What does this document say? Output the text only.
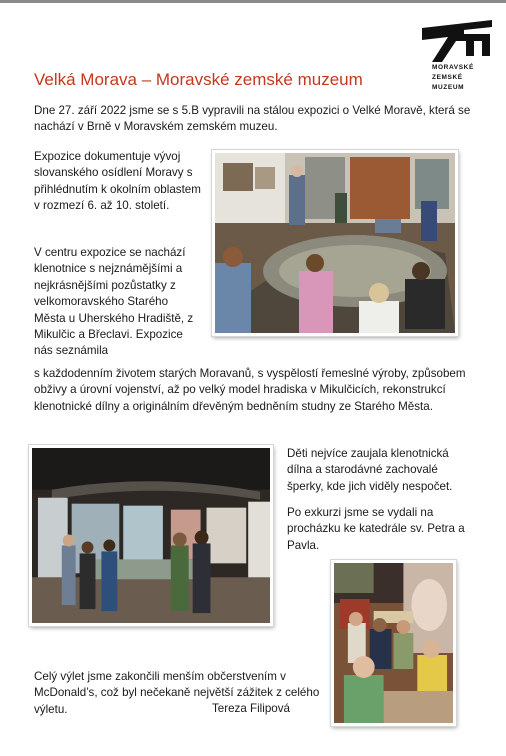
MORAVSKÉ
ZEMSKÉ
MUZEUM
Velká Morava – Moravské zemské muzeum

Dne 27. září 2022 jsme se s 5.B vypravili na stálou expozici o Velké Moravě, která se nachází v Brně v Moravském zemském muzeu.

Expozice dokumentuje vývoj slovanského osídlení Moravy s přihlédnutím k okolním oblastem v rozmezí 6. až 10. století.

V centru expozice se nachází klenotnice s nejznámějšími a nejkrásnějšími pozůstatky z velkomoravského Starého Města u Uherského Hradiště, z Mikulčic a Břeclavi. Expozice nás seznámila

s každodenním životem starých Moravanů, s vyspělostí řemeslné výroby, způsobem obživy a úrovní vojenství, až po velký model hradiska v Mikulčicích, rekonstrukcí klenotnické dílny a originálním dřevěným bedněním studny ze Starého Města.

Děti nejvíce zaujala klenotnická dílna a starodávné zachovalé šperky, kde jich viděly nespočet.

Po exkurzi jsme se vydali na procházku ke katedrále sv. Petra a Pavla.

Celý výlet jsme zakončili menším občerstvením v McDonald’s, což byl nečekaně největší zážitek z celého výletu.	Tereza Filipová
